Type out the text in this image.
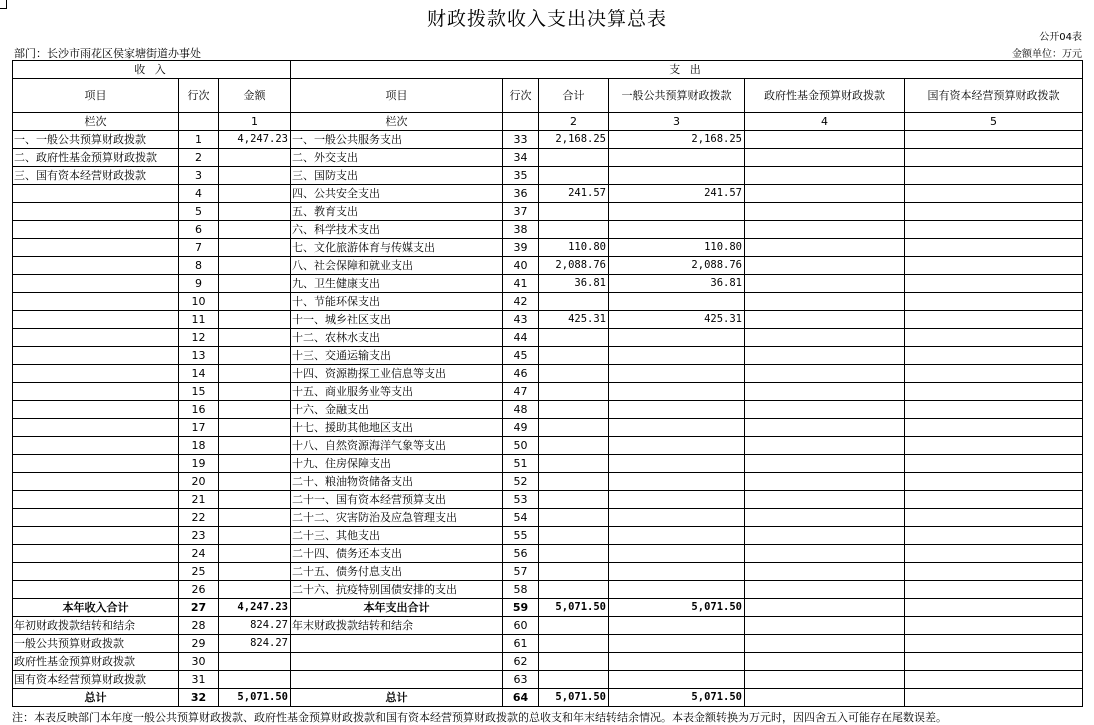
财政拨款收入支出决算总表
公开04表
部门：长沙市雨花区侯家塘街道办事处	金额单位：万元
收 入			支 出					
项目	行次	金额	项目	行次	合计	一般公共预算财政拨款	政府性基金预算财政拨款	国有资本经营预算财政拨款
栏次		1	栏次		2	3	4	5
一、一般公共预算财政拨款	1	4,247.23	一、一般公共服务支出	33	2,168.25	2,168.25		
二、政府性基金预算财政拨款	2		二、外交支出	34				
三、国有资本经营财政拨款	3		三、国防支出	35				
	4		四、公共安全支出	36	241.57	241.57		
	5		五、教育支出	37				
	6		六、科学技术支出	38				
	7		七、文化旅游体育与传媒支出	39	110.80	110.80		
	8		八、社会保障和就业支出	40	2,088.76	2,088.76		
	9		九、卫生健康支出	41	36.81	36.81		
	10		十、节能环保支出	42				
	11		十一、城乡社区支出	43	425.31	425.31		
	12		十二、农林水支出	44				
	13		十三、交通运输支出	45				
	14		十四、资源勘探工业信息等支出	46				
	15		十五、商业服务业等支出	47				
	16		十六、金融支出	48				
	17		十七、援助其他地区支出	49				
	18		十八、自然资源海洋气象等支出	50				
	19		十九、住房保障支出	51				
	20		二十、粮油物资储备支出	52				
	21		二十一、国有资本经营预算支出	53				
	22		二十二、灾害防治及应急管理支出	54				
	23		二十三、其他支出	55				
	24		二十四、债务还本支出	56				
	25		二十五、债务付息支出	57				
	26		二十六、抗疫特别国债安排的支出	58				
本年收入合计	27	4,247.23	本年支出合计	59	5,071.50	5,071.50		
年初财政拨款结转和结余	28	824.27	年末财政拨款结转和结余	60				
一般公共预算财政拨款	29	824.27		61				
政府性基金预算财政拨款	30			62				
国有资本经营预算财政拨款	31			63				
总计	32	5,071.50	总计	64	5,071.50	5,071.50		
注：本表反映部门本年度一般公共预算财政拨款、政府性基金预算财政拨款和国有资本经营预算财政拨款的总收支和年末结转结余情况。本表金额转换为万元时，因四舍五入可能存在尾数误差。
